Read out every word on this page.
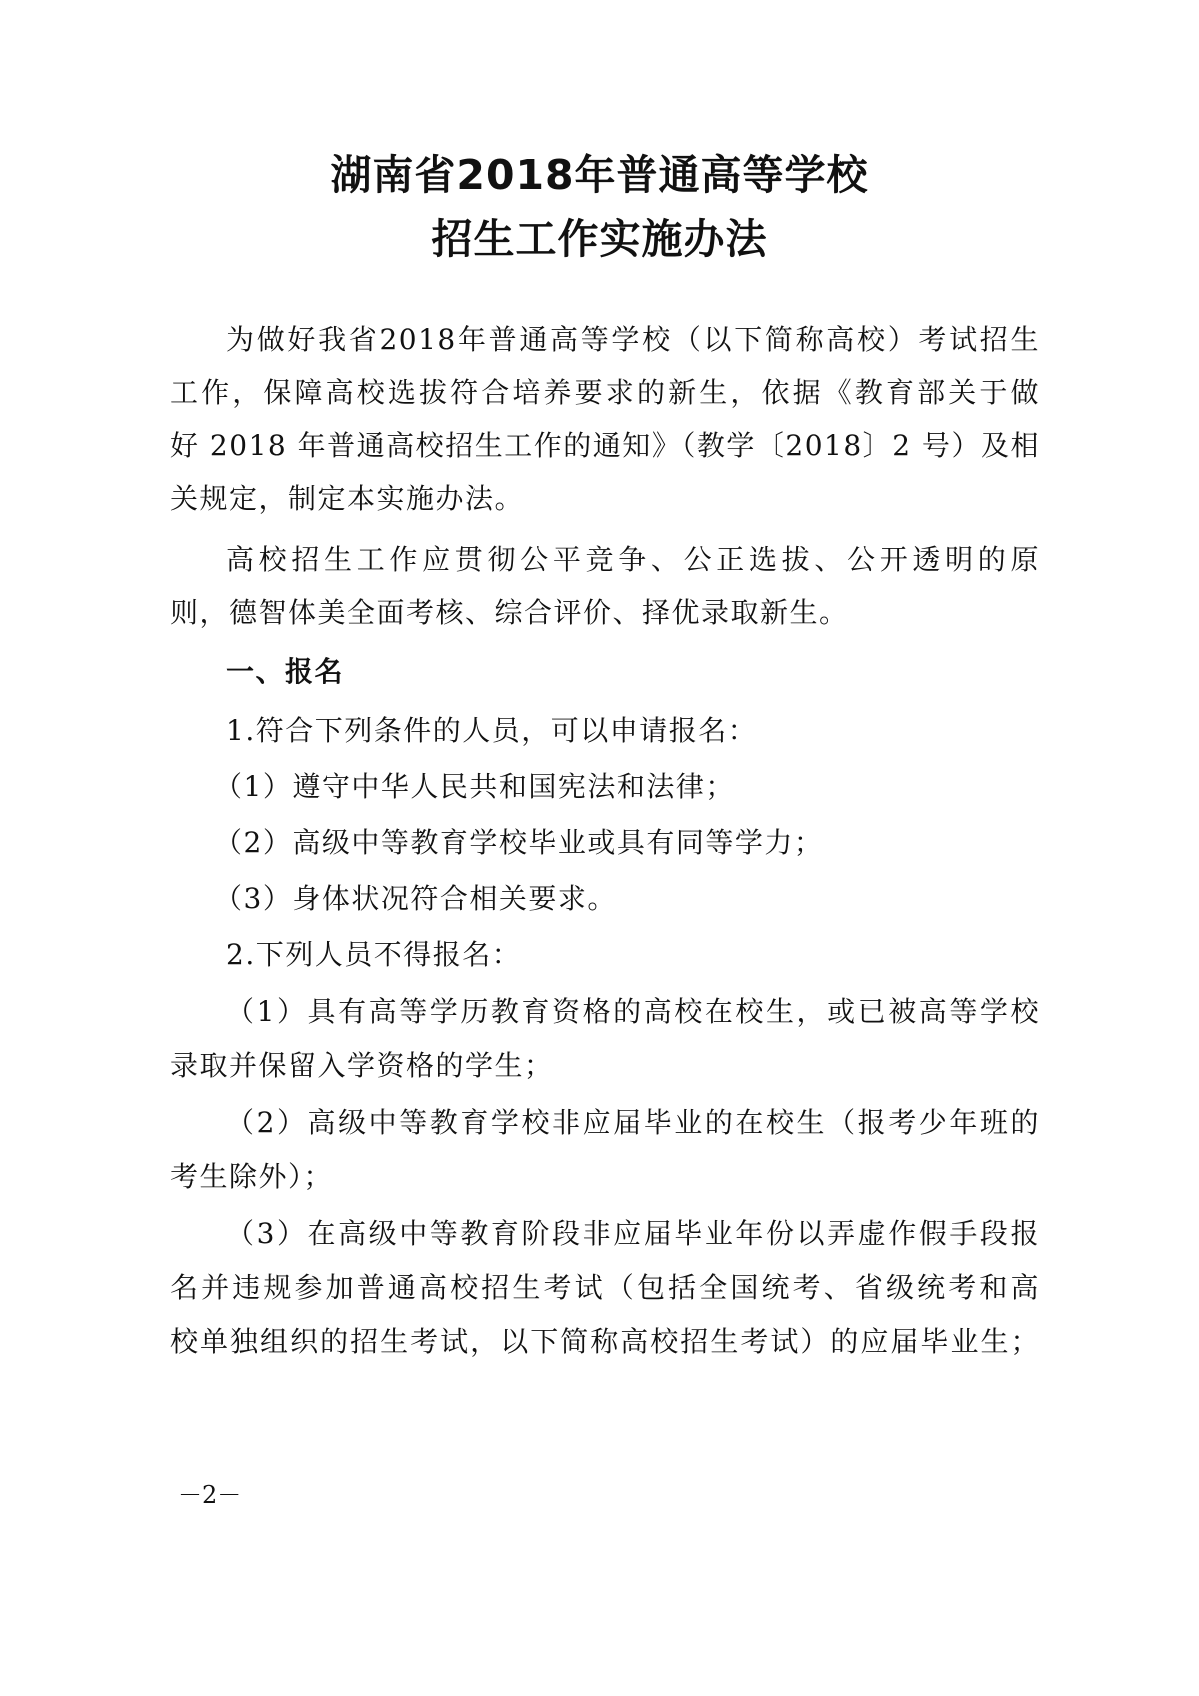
湖南省2018年普通高等学校
招生工作实施办法
为做好我省2018年普通高等学校（以下简称高校）考试招生
工作，保障高校选拔符合培养要求的新生，依据《教育部关于做
好 2018 年普通高校招生工作的通知》（教学〔2018〕2 号）及相
关规定，制定本实施办法。
高校招生工作应贯彻公平竞争、公正选拔、公开透明的原
则，德智体美全面考核、综合评价、择优录取新生。
一、报名
1.符合下列条件的人员，可以申请报名：
（1）遵守中华人民共和国宪法和法律；
（2）高级中等教育学校毕业或具有同等学力；
（3）身体状况符合相关要求。
2.下列人员不得报名：
（1）具有高等学历教育资格的高校在校生，或已被高等学校
录取并保留入学资格的学生；
（2）高级中等教育学校非应届毕业的在校生（报考少年班的
考生除外）；
（3）在高级中等教育阶段非应届毕业年份以弄虚作假手段报
名并违规参加普通高校招生考试（包括全国统考、省级统考和高
校单独组织的招生考试，以下简称高校招生考试）的应届毕业生；
－2－
